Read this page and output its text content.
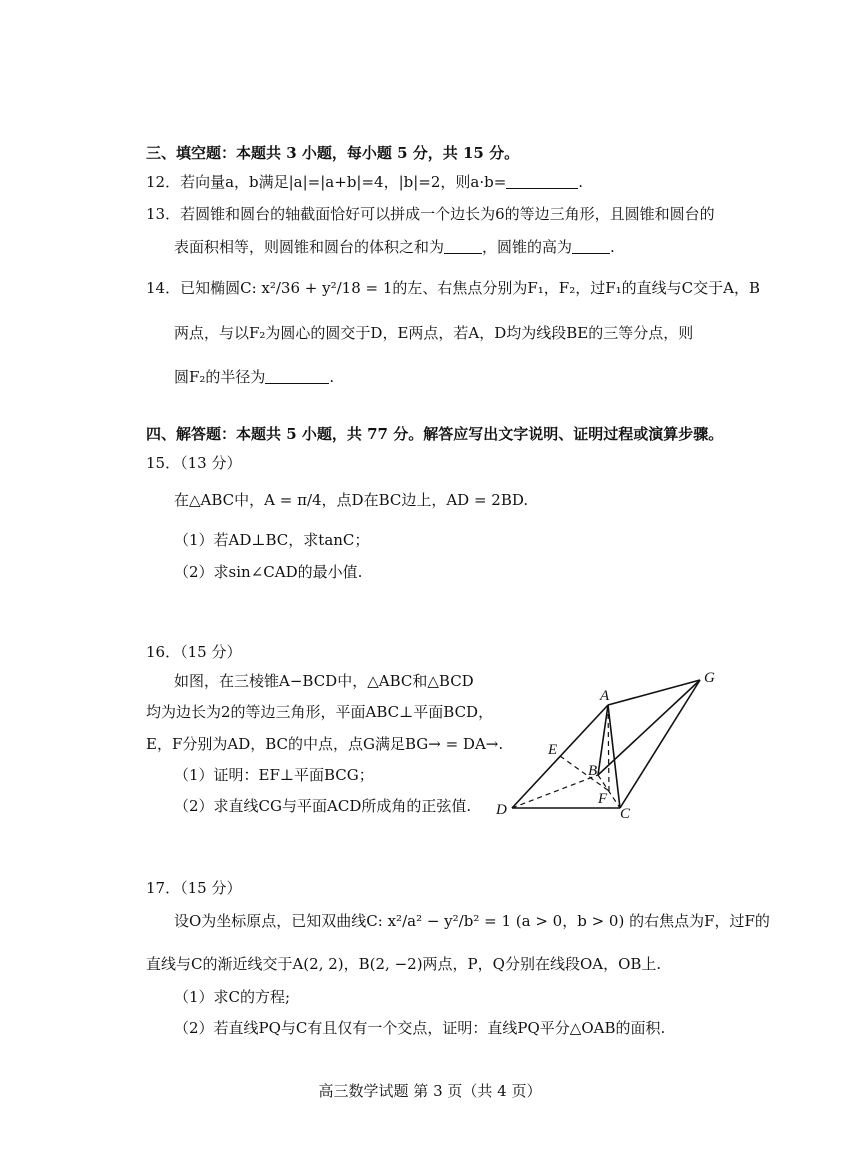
三、填空题：本题共 3 小题，每小题 5 分，共 15 分。
12．若向量a，b满足|a|=|a+b|=4，|b|=2，则a·b=	.
13．若圆锥和圆台的轴截面恰好可以拼成一个边长为6的等边三角形，且圆锥和圆台的
表面积相等，则圆锥和圆台的体积之和为	，圆锥的高为	.
14．已知椭圆C: x²/36 + y²/18 = 1的左、右焦点分别为F₁，F₂，过F₁的直线与C交于A，B
两点，与以F₂为圆心的圆交于D，E两点，若A，D均为线段BE的三等分点，则
圆F₂的半径为	.
四、解答题：本题共 5 小题，共 77 分。解答应写出文字说明、证明过程或演算步骤。
15．（13 分）
在△ABC中，A = π/4，点D在BC边上，AD = 2BD.
（1）若AD⊥BC，求tanC；
（2）求sin∠CAD的最小值.
16．（15 分）
如图，在三棱锥A−BCD中，△ABC和△BCD
均为边长为2的等边三角形，平面ABC⊥平面BCD，
E，F分别为AD，BC的中点，点G满足BG→ = DA→.
（1）证明：EF⊥平面BCG；
（2）求直线CG与平面ACD所成角的正弦值.
G
A
E
B
F
D	C
17．（15 分）
设O为坐标原点，已知双曲线C: x²/a² − y²/b² = 1 (a > 0，b > 0) 的右焦点为F，过F的
直线与C的渐近线交于A(2, 2)，B(2, −2)两点，P，Q分别在线段OA，OB上.
（1）求C的方程;
（2）若直线PQ与C有且仅有一个交点，证明：直线PQ平分△OAB的面积.
高三数学试题 第 3 页（共 4 页）
